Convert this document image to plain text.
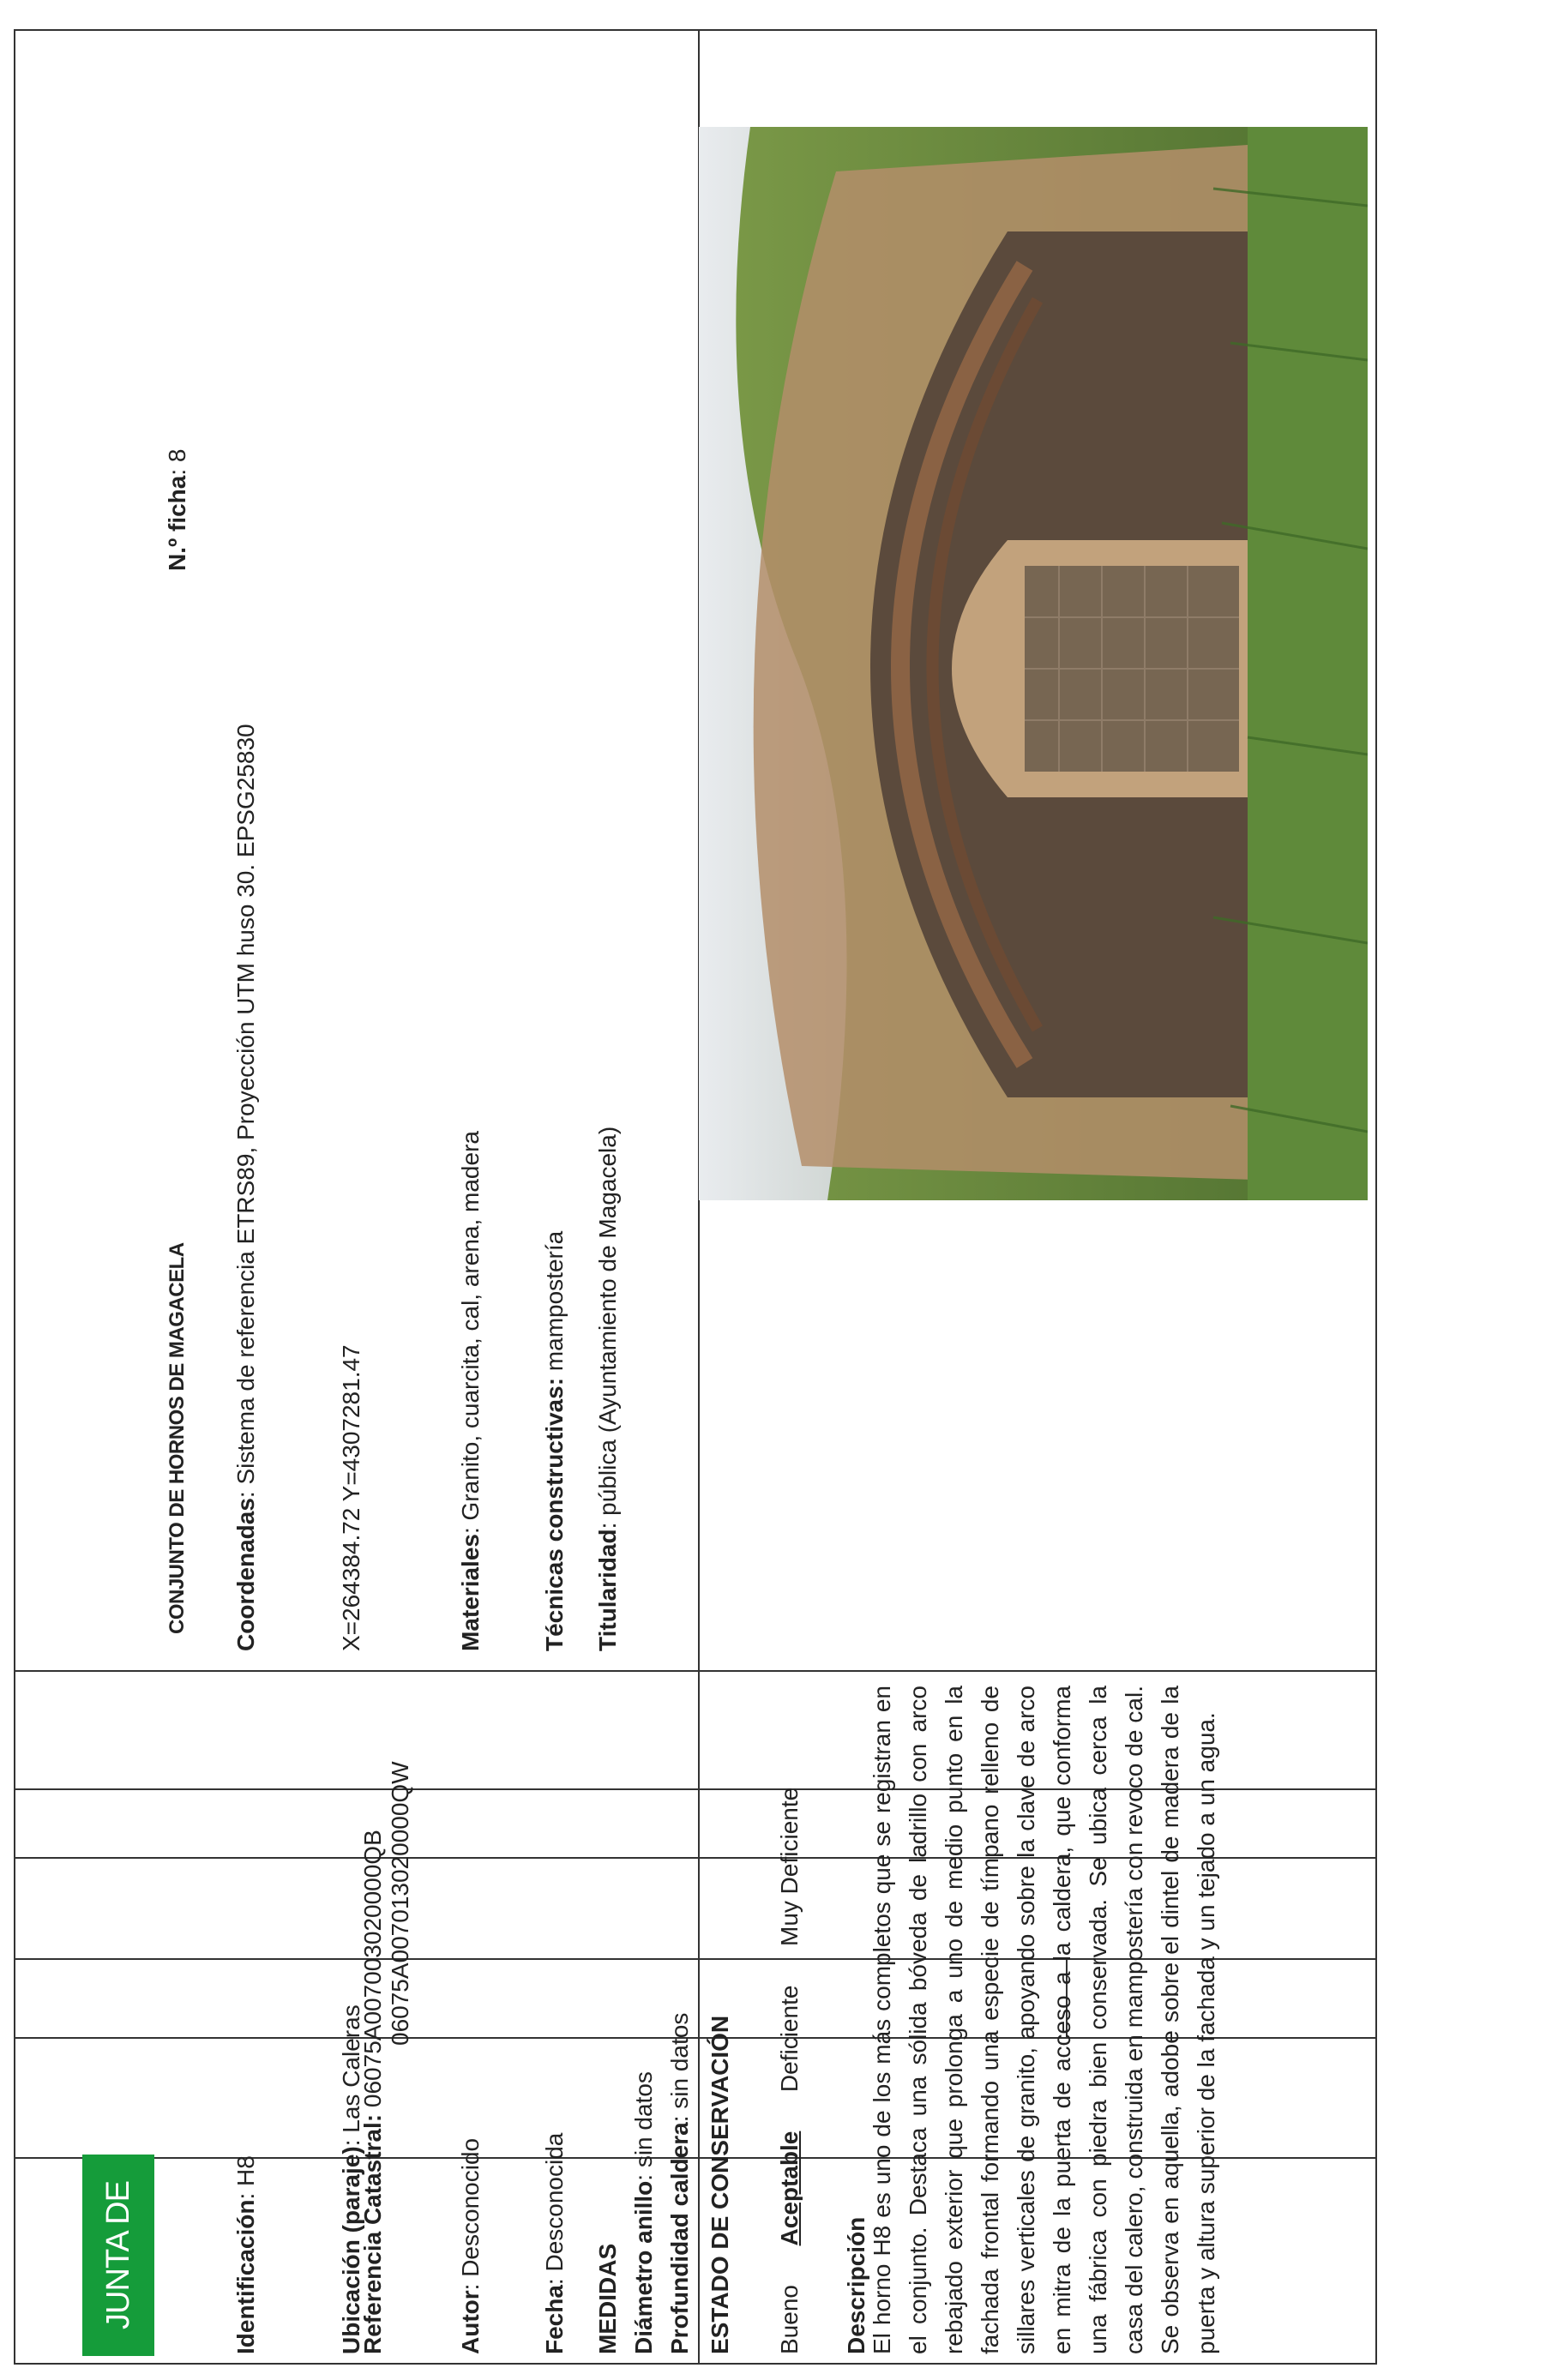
JUNTA DE EXTREMADURA
CONJUNTO DE HORNOS DE MAGACELA
N.º ficha: 8
Identificación: H8
Coordenadas: Sistema de referencia ETRS89, Proyección UTM huso 30. EPSG25830
Ubicación (paraje): Las Caleras
X=264384.72 Y=4307281.47
Referencia Catastral: 06075A007003020000QB 06075A007013020000QW
Autor: Desconocido
Materiales: Granito, cuarcita, cal, arena, madera
Fecha: Desconocida
Técnicas constructivas: mampostería
MEDIDAS Diámetro anillo: sin datos Profundidad caldera: sin datos
Titularidad: pública (Ayuntamiento de Magacela)
ESTADO DE CONSERVACIÓN Bueno  Aceptable  Deficiente  Muy Deficiente
Descripción El horno H8 es uno de los más completos que se registran en el conjunto. Destaca una sólida bóveda de ladrillo con arco rebajado exterior que prolonga a uno de medio punto en la fachada frontal formando una especie de tímpano relleno de sillares verticales de granito, apoyando sobre la clave de arco en mitra de la puerta de acceso a la caldera, que conforma una fábrica con piedra bien conservada. Se ubica cerca la casa del calero, construida en mampostería con revoco de cal. Se observa en aquella, adobe sobre el dintel de madera de la puerta y altura superior de la fachada y un tejado a un agua.
